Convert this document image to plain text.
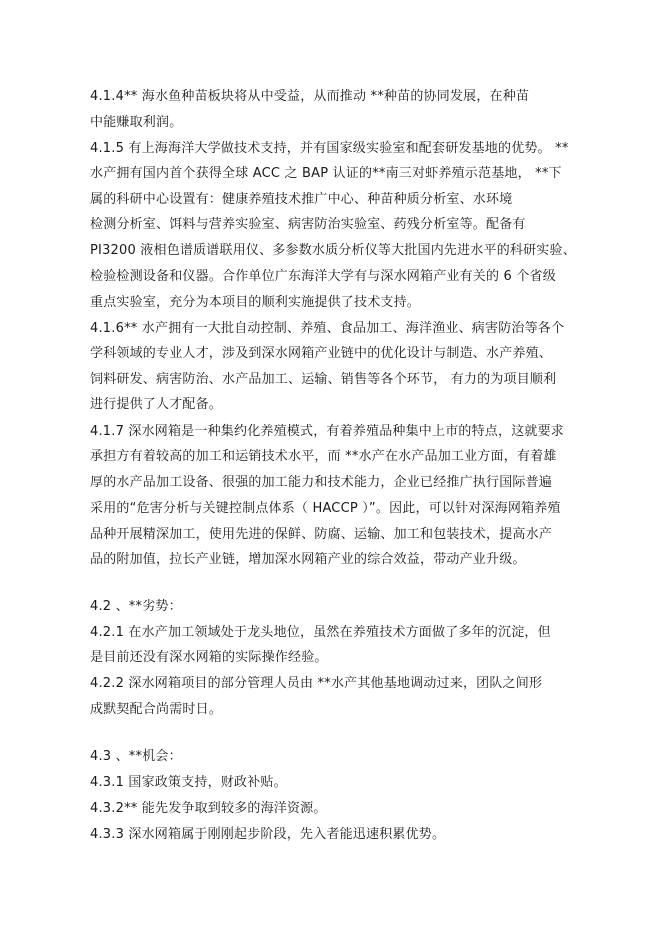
4.1.4** 海水鱼种苗板块将从中受益，从而推动 **种苗的协同发展，在种苗
中能赚取利润。
4.1.5 有上海海洋大学做技术支持，并有国家级实验室和配套研发基地的优势。 **
水产拥有国内首个获得全球 ACC 之 BAP 认证的**南三对虾养殖示范基地， **下
属的科研中心设置有：健康养殖技术推广中心、种苗种质分析室、水环境
检测分析室、饵料与营养实验室、病害防治实验室、药残分析室等。配备有
PI3200 液相色谱质谱联用仪、多参数水质分析仪等大批国内先进水平的科研实验、
检验检测设备和仪器。合作单位广东海洋大学有与深水网箱产业有关的 6 个省级
重点实验室，充分为本项目的顺利实施提供了技术支持。
4.1.6** 水产拥有一大批自动控制、养殖、食品加工、海洋渔业、病害防治等各个
学科领域的专业人才，涉及到深水网箱产业链中的优化设计与制造、水产养殖、
饲料研发、病害防治、水产品加工、运输、销售等各个环节， 有力的为项目顺利
进行提供了人才配备。
4.1.7 深水网箱是一种集约化养殖模式，有着养殖品种集中上市的特点，这就要求
承担方有着较高的加工和运销技术水平，而 **水产在水产品加工业方面，有着雄
厚的水产品加工设备、很强的加工能力和技术能力，企业已经推广执行国际普遍
采用的“危害分析与关键控制点体系（ HACCP ）”。因此，可以针对深海网箱养殖
品种开展精深加工，使用先进的保鲜、防腐、运输、加工和包装技术，提高水产
品的附加值，拉长产业链，增加深水网箱产业的综合效益，带动产业升级。
4.2 、**劣势：
4.2.1 在水产加工领域处于龙头地位，虽然在养殖技术方面做了多年的沉淀，但
是目前还没有深水网箱的实际操作经验。
4.2.2 深水网箱项目的部分管理人员由 **水产其他基地调动过来，团队之间形
成默契配合尚需时日。
4.3 、**机会：
4.3.1 国家政策支持，财政补贴。
4.3.2** 能先发争取到较多的海洋资源。
4.3.3 深水网箱属于刚刚起步阶段，先入者能迅速积累优势。
